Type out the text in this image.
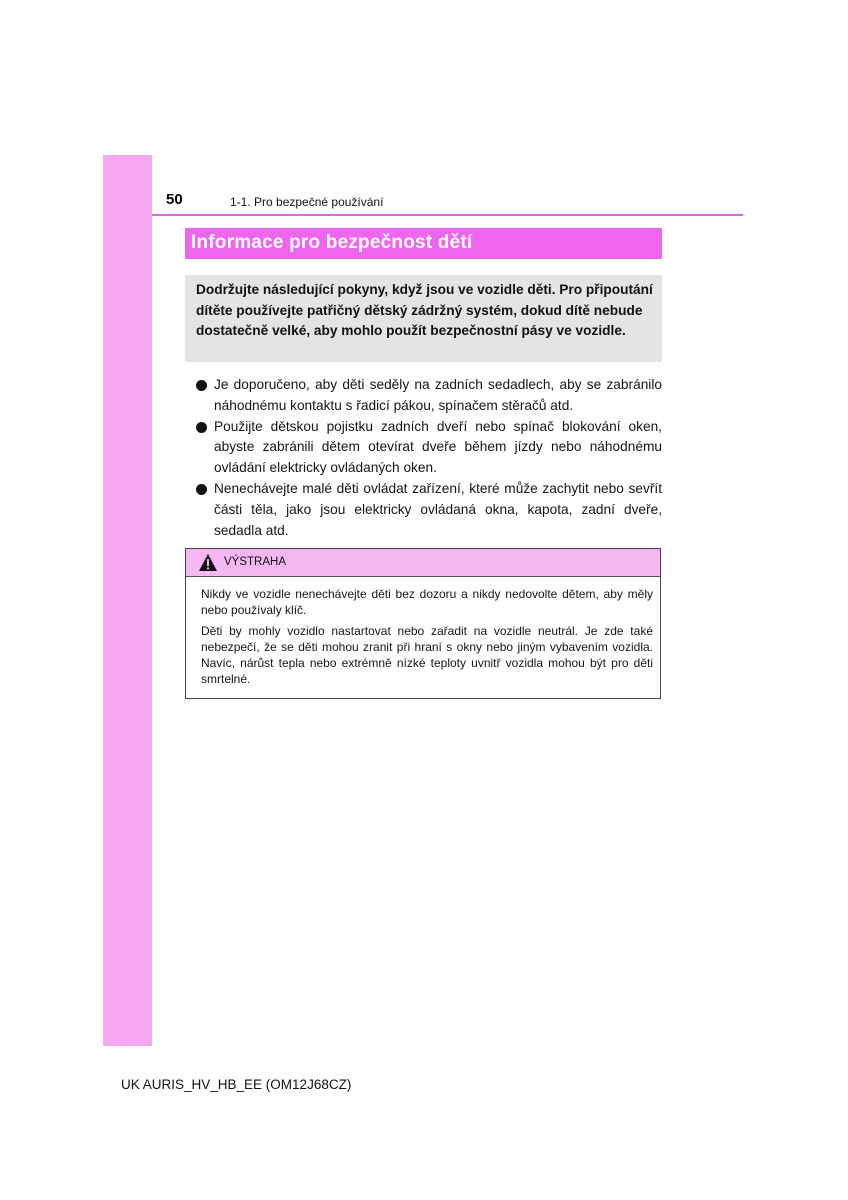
50	1-1. Pro bezpečné používání
Informace pro bezpečnost dětí

Dodržujte následující pokyny, když jsou ve vozidle děti. Pro připoutání dítěte používejte patřičný dětský zádržný systém, dokud dítě nebude dostatečně velké, aby mohlo použít bezpečnostní pásy ve vozidle.

Je doporučeno, aby děti seděly na zadních sedadlech, aby se zabránilo náhodnému kontaktu s řadicí pákou, spínačem stěračů atd.
Použijte dětskou pojistku zadních dveří nebo spínač blokování oken, abyste zabránili dětem otevírat dveře během jízdy nebo náhodnému ovládání elektricky ovládaných oken.
Nenechávejte malé děti ovládat zařízení, které může zachytit nebo sevřít části těla, jako jsou elektricky ovládaná okna, kapota, zadní dveře, sedadla atd.
VÝSTRAHA

Nikdy ve vozidle nenechávejte děti bez dozoru a nikdy nedovolte dětem, aby měly nebo používaly klíč.

Děti by mohly vozidlo nastartovat nebo zařadit na vozidle neutrál. Je zde také nebezpečí, že se děti mohou zranit při hraní s okny nebo jiným vybavením vozidla. Navíc, nárůst tepla nebo extrémně nízké teploty uvnitř vozidla mohou být pro děti smrtelné.

UK AURIS_HV_HB_EE (OM12J68CZ)
